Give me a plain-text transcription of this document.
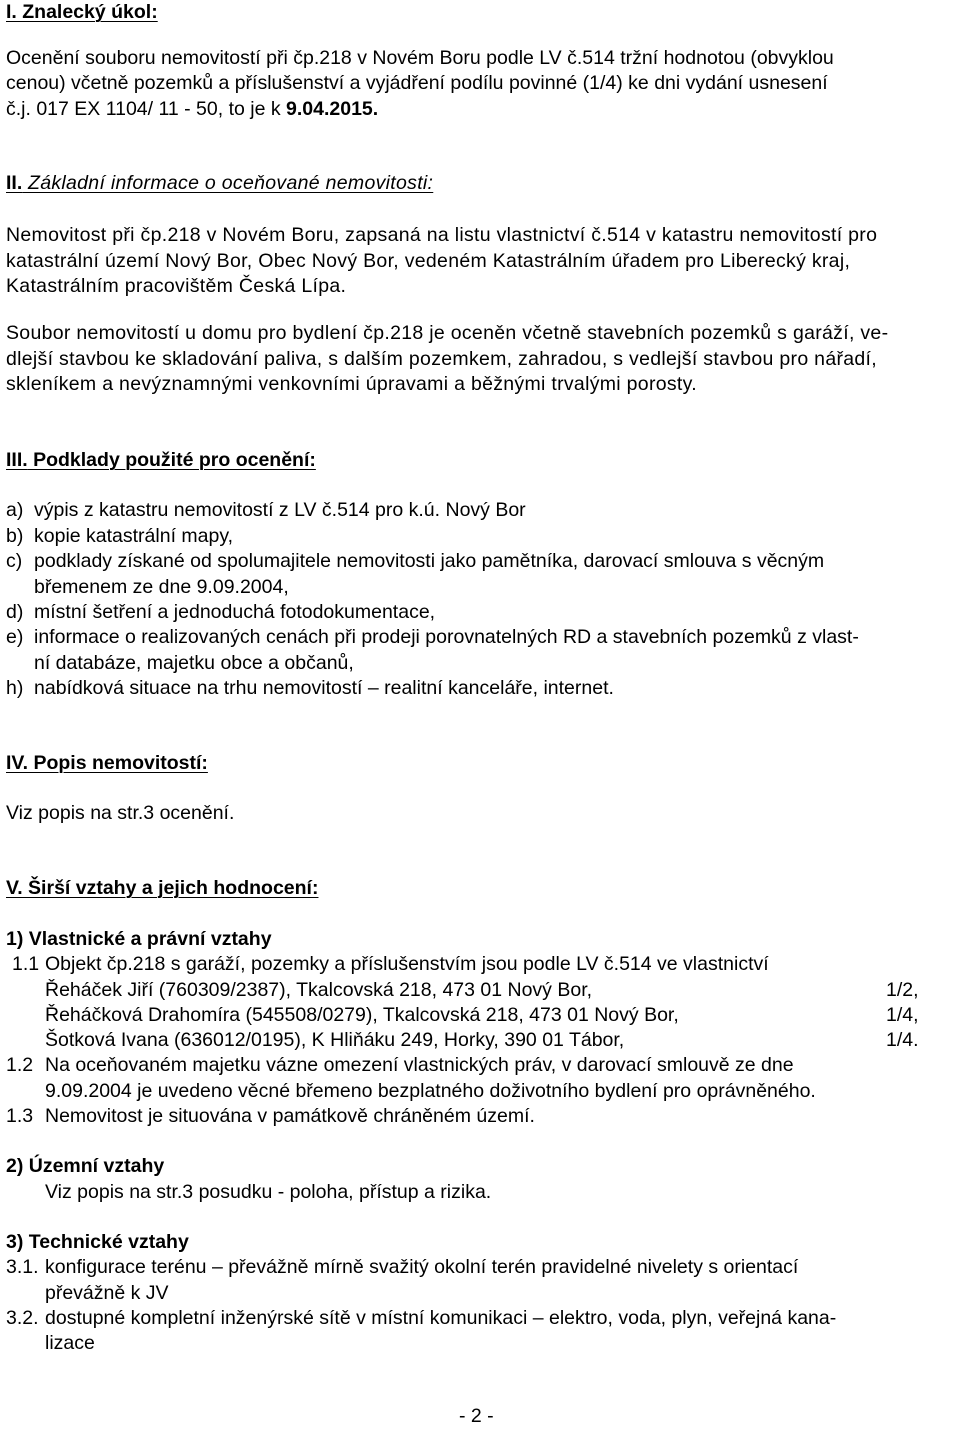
I. Znalecký úkol:
Ocenění souboru nemovitostí při čp.218 v Novém Boru podle LV č.514 tržní hodnotou (obvyklou
cenou) včetně pozemků a příslušenství a vyjádření podílu povinné (1/4) ke dni vydání usnesení
č.j. 017 EX 1104/ 11 - 50, to je k 9.04.2015.
II. Základní informace o oceňované nemovitosti:
Nemovitost při čp.218 v Novém Boru, zapsaná na listu vlastnictví č.514 v katastru nemovitostí pro
katastrální území Nový Bor, Obec Nový Bor, vedeném Katastrálním úřadem pro Liberecký kraj,
Katastrálním pracovištěm Česká Lípa.
Soubor nemovitostí u domu pro bydlení čp.218 je oceněn včetně stavebních pozemků s garáží, ve-
dlejší stavbou ke skladování paliva, s dalším pozemkem, zahradou, s vedlejší stavbou pro nářadí,
skleníkem a nevýznamnými venkovními úpravami a běžnými trvalými porosty.
III. Podklady použité pro ocenění:
a) výpis z katastru nemovitostí z LV č.514 pro k.ú. Nový Bor
b) kopie katastrální mapy,
c) podklady získané od spolumajitele nemovitosti jako pamětníka, darovací smlouva s věcným
břemenem ze dne 9.09.2004,
d) místní šetření a jednoduchá fotodokumentace,
e) informace o realizovaných cenách při prodeji porovnatelných RD a stavebních pozemků z vlast-
ní databáze, majetku obce a občanů,
h) nabídková situace na trhu nemovitostí – realitní kanceláře, internet.
IV. Popis nemovitostí:
Viz popis na str.3 ocenění.
V. Širší vztahy a jejich hodnocení:
1) Vlastnické a právní vztahy
1.1 Objekt čp.218 s garáží, pozemky a příslušenstvím jsou podle LV č.514 ve vlastnictví
Řeháček Jiří (760309/2387), Tkalcovská 218, 473 01 Nový Bor,	1/2,
Řeháčková Drahomíra (545508/0279), Tkalcovská 218, 473 01 Nový Bor,	1/4,
Šotková Ivana (636012/0195), K Hliňáku 249, Horky, 390 01 Tábor,	1/4.
1.2 Na oceňovaném majetku vázne omezení vlastnických práv, v darovací smlouvě ze dne
9.09.2004 je uvedeno věcné břemeno bezplatného doživotního bydlení pro oprávněného.
1.3 Nemovitost je situována v památkově chráněném území.
2) Územní vztahy
Viz popis na str.3 posudku - poloha, přístup a rizika.
3) Technické vztahy
3.1. konfigurace terénu – převážně mírně svažitý okolní terén pravidelné nivelety s orientací
převážně k JV
3.2. dostupné kompletní inženýrské sítě v místní komunikaci – elektro, voda, plyn, veřejná kana-
lizace
- 2 -
